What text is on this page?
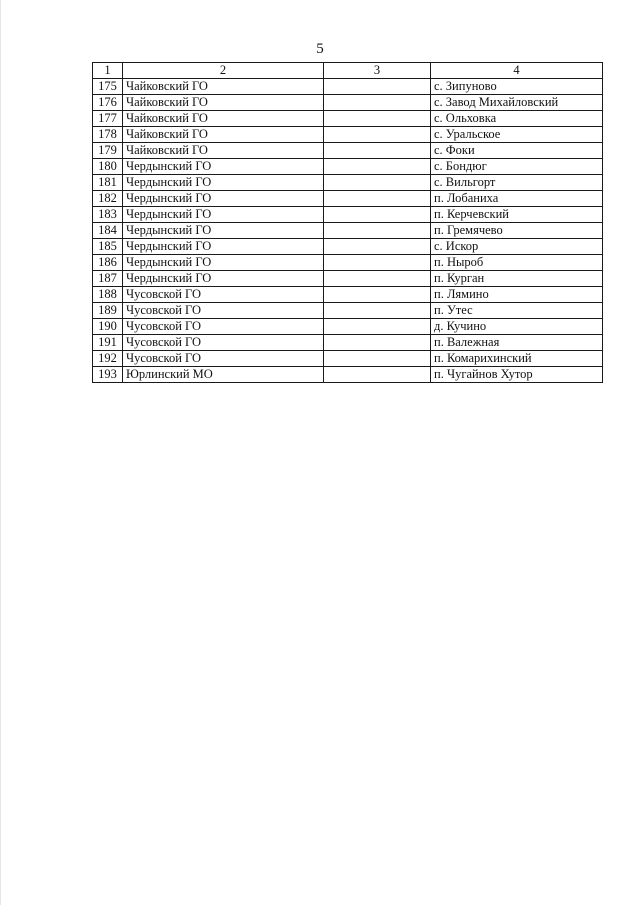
5
1	2	3	4
175	Чайковский ГО		с. Зипуново
176	Чайковский ГО		с. Завод Михайловский
177	Чайковский ГО		с. Ольховка
178	Чайковский ГО		с. Уральское
179	Чайковский ГО		с. Фоки
180	Чердынский ГО		с. Бондюг
181	Чердынский ГО		с. Вильгорт
182	Чердынский ГО		п. Лобаниха
183	Чердынский ГО		п. Керчевский
184	Чердынский ГО		п. Гремячево
185	Чердынский ГО		с. Искор
186	Чердынский ГО		п. Ныроб
187	Чердынский ГО		п. Курган
188	Чусовской ГО		п. Лямино
189	Чусовской ГО		п. Утес
190	Чусовской ГО		д. Кучино
191	Чусовской ГО		п. Валежная
192	Чусовской ГО		п. Комарихинский
193	Юрлинский МО		п. Чугайнов Хутор
